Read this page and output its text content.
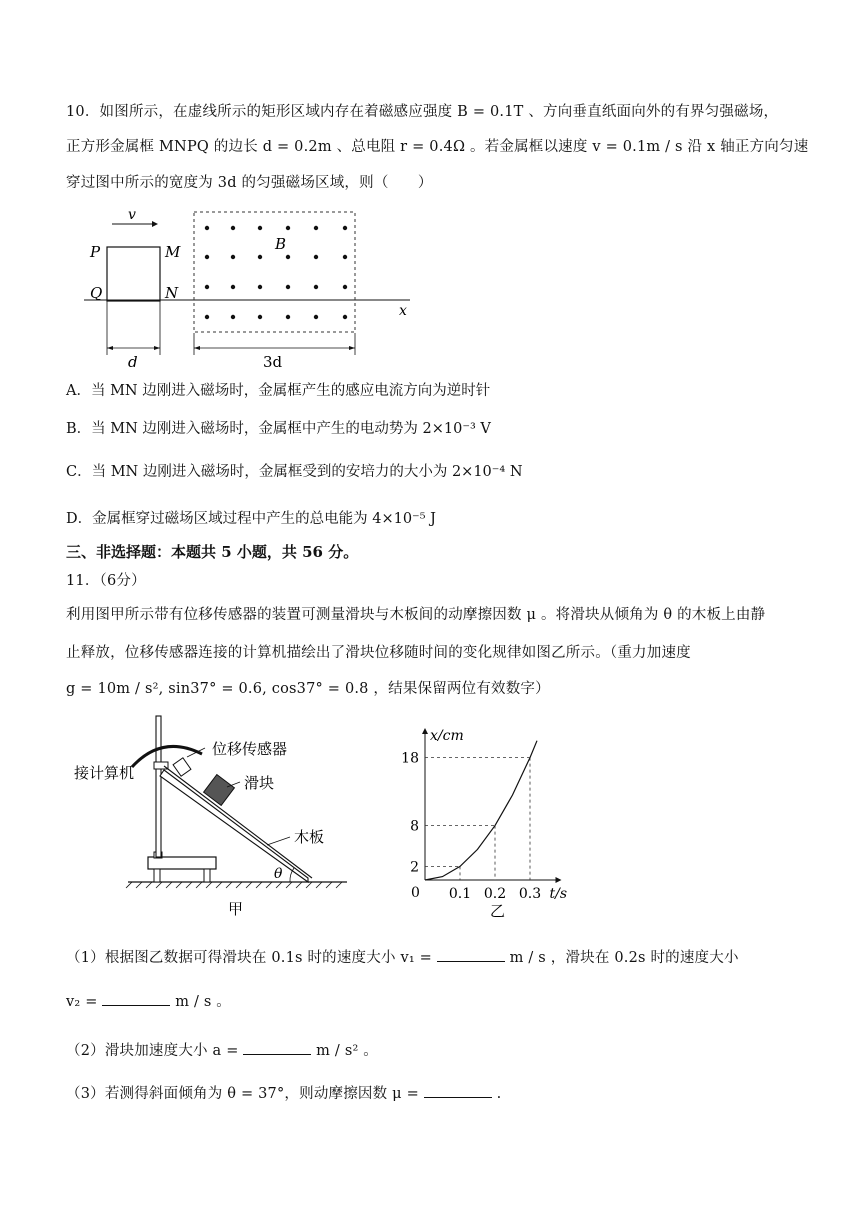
10．如图所示，在虚线所示的矩形区域内存在着磁感应强度 B = 0.1T 、方向垂直纸面向外的有界匀强磁场，
正方形金属框 MNPQ 的边长 d = 0.2m 、总电阻 r = 0.4Ω 。若金属框以速度 v = 0.1m / s 沿 x 轴正方向匀速
穿过图中所示的宽度为 3d 的匀强磁场区域，则（　　）
v
P	M
Q	N
x
B
d	3d
A．当 MN 边刚进入磁场时，金属框产生的感应电流方向为逆时针
B．当 MN 边刚进入磁场时，金属框中产生的电动势为 2×10⁻³ V
C．当 MN 边刚进入磁场时，金属框受到的安培力的大小为 2×10⁻⁴ N
D．金属框穿过磁场区域过程中产生的总电能为 4×10⁻⁵ J
三、非选择题：本题共 5 小题，共 56 分。
11．（6分）
利用图甲所示带有位移传感器的装置可测量滑块与木板间的动摩擦因数 μ 。将滑块从倾角为 θ 的木板上由静
止释放，位移传感器连接的计算机描绘出了滑块位移随时间的变化规律如图乙所示。（重力加速度
g = 10m / s², sin37° = 0.6, cos37° = 0.8 ，结果保留两位有效数字）
接计算机
位移传感器
滑块
木板
θ
甲
x/cm
t/s
0
2
0.1
8
0.2
18
0.3
乙
（1）根据图乙数据可得滑块在 0.1s 时的速度大小 v₁ =	m / s ，滑块在 0.2s 时的速度大小
v₂ =	m / s 。
（2）滑块加速度大小 a =	m / s² 。
（3）若测得斜面倾角为 θ = 37°，则动摩擦因数 μ =	.
